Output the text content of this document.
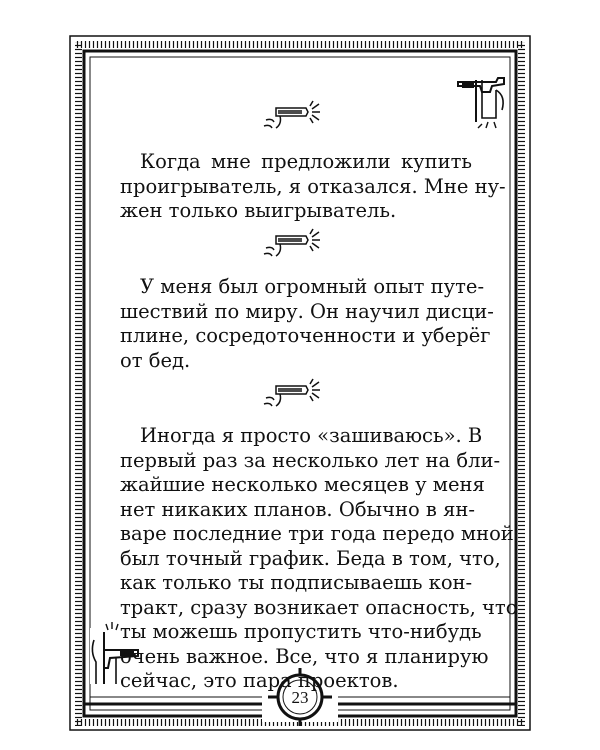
Когда мне предложили купить
проигрыватель, я отказался. Мне ну-
жен только выигрыватель.
У меня был огромный опыт путе-
шествий по миру. Он научил дисци-
плине, сосредоточенности и уберёг
от бед.
Иногда я просто «зашиваюсь». В
первый раз за несколько лет на бли-
жайшие несколько месяцев у меня
нет никаких планов. Обычно в ян-
варе последние три года передо мной
был точный график. Беда в том, что,
как только ты подписываешь кон-
тракт, сразу возникает опасность, что
ты можешь пропустить что-нибудь
очень важное. Все, что я планирую
сейчас, это пара проектов.
23
